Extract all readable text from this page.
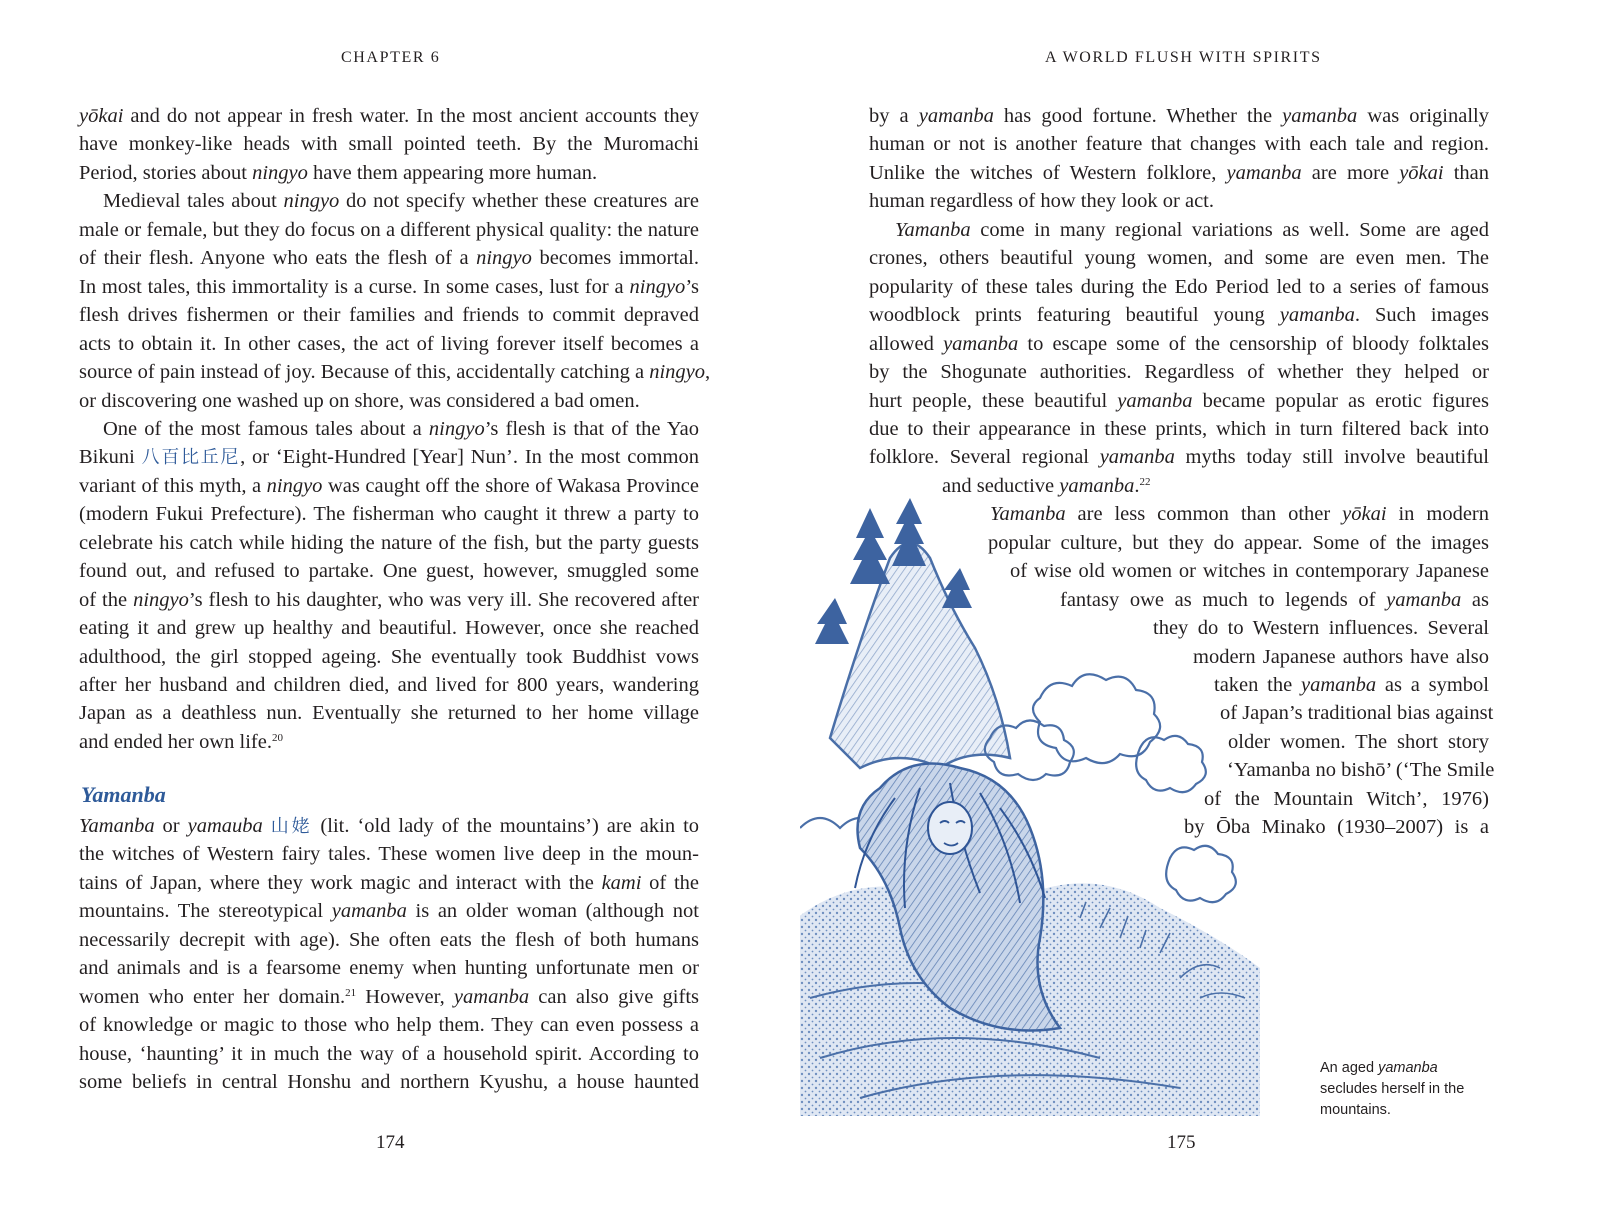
CHAPTER 6
yōkai and do not appear in fresh water. In the most ancient accounts they
have monkey-like heads with small pointed teeth. By the Muromachi
Period, stories about ningyo have them appearing more human.
Medieval tales about ningyo do not specify whether these creatures are
male or female, but they do focus on a different physical quality: the nature
of their flesh. Anyone who eats the flesh of a ningyo becomes immortal.
In most tales, this immortality is a curse. In some cases, lust for a ningyo’s
flesh drives fishermen or their families and friends to commit depraved
acts to obtain it. In other cases, the act of living forever itself becomes a
source of pain instead of joy. Because of this, accidentally catching a ningyo,
or discovering one washed up on shore, was considered a bad omen.
One of the most famous tales about a ningyo’s flesh is that of the Yao
Bikuni 八百比丘尼, or ‘Eight-Hundred [Year] Nun’. In the most common
variant of this myth, a ningyo was caught off the shore of Wakasa Province
(modern Fukui Prefecture). The fisherman who caught it threw a party to
celebrate his catch while hiding the nature of the fish, but the party guests
found out, and refused to partake. One guest, however, smuggled some
of the ningyo’s flesh to his daughter, who was very ill. She recovered after
eating it and grew up healthy and beautiful. However, once she reached
adulthood, the girl stopped ageing. She eventually took Buddhist vows
after her husband and children died, and lived for 800 years, wandering
Japan as a deathless nun. Eventually she returned to her home village
and ended her own life.$^{20}$
Yamanba or yamauba 山姥 (lit. ‘old lady of the mountains’) are akin to
the witches of Western fairy tales. These women live deep in the moun-
tains of Japan, where they work magic and interact with the kami of the
mountains. The stereotypical yamanba is an older woman (although not
necessarily decrepit with age). She often eats the flesh of both humans
and animals and is a fearsome enemy when hunting unfortunate men or
women who enter her domain.$^{21}$ However, yamanba can also give gifts
of knowledge or magic to those who help them. They can even possess a
house, ‘haunting’ it in much the way of a household spirit. According to
some beliefs in central Honshu and northern Kyushu, a house haunted
Yamanba
174
A WORLD FLUSH WITH SPIRITS
175
by a yamanba has good fortune. Whether the yamanba was originally
human or not is another feature that changes with each tale and region.
Unlike the witches of Western folklore, yamanba are more yōkai than
human regardless of how they look or act.
Yamanba come in many regional variations as well. Some are aged
crones, others beautiful young women, and some are even men. The
popularity of these tales during the Edo Period led to a series of famous
woodblock prints featuring beautiful young yamanba. Such images
allowed yamanba to escape some of the censorship of bloody folktales
by the Shogunate authorities. Regardless of whether they helped or
hurt people, these beautiful yamanba became popular as erotic figures
due to their appearance in these prints, which in turn filtered back into
folklore. Several regional yamanba myths today still involve beautiful
and seductive yamanba.$^{22}$
Yamanba are less common than other yōkai in modern
popular culture, but they do appear. Some of the images
of wise old women or witches in contemporary Japanese
fantasy owe as much to legends of yamanba as
they do to Western influences. Several
modern Japanese authors have also
taken the yamanba as a symbol
of Japan’s traditional bias against
older women. The short story
‘Yamanba no bishō’ (‘The Smile
of the Mountain Witch’, 1976)
by Ōba Minako (1930–2007) is a
An aged yamanba secludes herself in the mountains.
